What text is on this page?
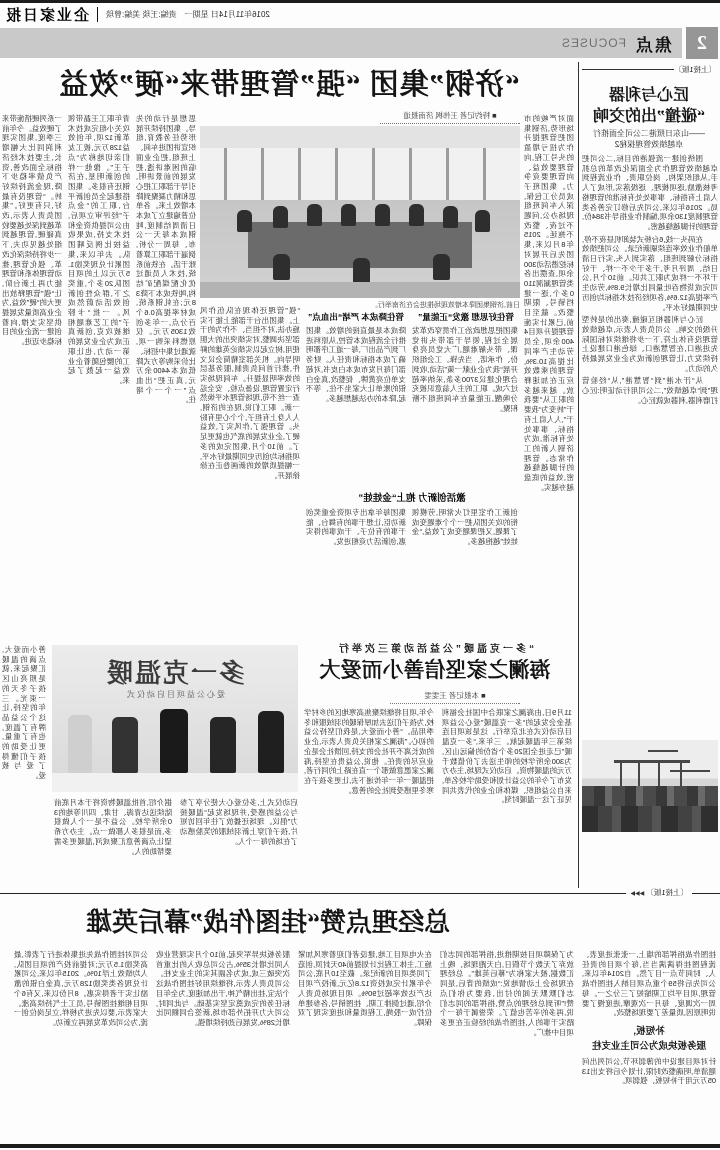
2016年11月14日 星期一
责编:王琰 美编:曾琰
企业家日报
焦点
FOCUSES	2
〔上接1版〕
匠心与利器
“碰撞”出的交响
——山东日照港二公司全面推行
卓越绩效管理探秘2

围绕创建一流强港的目标,二公司把卓越绩效管理作为全面深化改革的总抓手,从组织架构、岗位职责、作业流程到考核激励,逐项梳理、逐级落实,形成了人人肩上有指标、事事处处有标准的管理格局。2016年以来,公司先后修订完善各类管理制度130余项,编制作业指导书384份,管理的针脚越缝越密。

在码头一线,6台桥式装卸机昼夜不停,单船作业效率连续刷新纪录。公司把绩效指标分解到班组、落实到人头,实行日清日结、周评月考,干多干少不一样、干好干坏不一样成为职工共识。前10个月,公司完成货物吞吐量同比增长9.8%,劳动生产率提高12.6%,各项经济技术指标均创历史同期最好水平。

匠心与利器相互碰撞,奏出的是转型升级的交响。公司负责人表示,卓越绩效管理没有休止符,下一步将继续对标国际先进港口,在智慧港口、绿色港口建设上持续发力,让管理创新成为企业发展最持久的动力。

从“汗水港”到“智慧港”,从“经验管理”到“卓越绩效”,二公司用行动证明:匠心打磨利器,利器成就匠心。

“济钢”集团 “强”管理带来“硬”效益
■ 特约记者 王伟枫 济南报道
日前,济钢集团降本增效现场推进会在济南举行。
面对严峻的市场形势,济钢集团把管理提升作为扭亏增盈的头号工程,向管理要效益、向管理要竞争力。集团班子成员分工包保,深入车间班组现场办公,问题不过夜、整改不拖延。2015年8月以来,集团先后开展对标挖潜活动300余项,查摆出各类管理漏洞1100多个,逐一建档销号、限期整改。截至目前,已累计实施管理提升项目4400余项,全员劳动生产率同比提高10.3%,管理的乘数效应正在加速释放。越来越多的职工从“要我干”转变为“我要干”,人人肩上有指标、事事处处有标准,成为济钢人新的工作常态。管理的针脚越缝越密,效益的底盘越夯越实。
思想是行动的先导。集团持续开展形势任务教育,组织宣讲团进车间、上班组,把企业面临的困难讲透,把发展的前景讲明,引导干部职工把心思和精力凝聚到降本增效上来。各单位普遍建立了成本日清周结制度,吨钢成本每天一公布、每周一分析,倒逼干部职工算着账干活。在铁前系统,技术人员通过优化配煤配矿结构,吨铁成本下降38元;在轧钢系统,成材率提高0.6个百分点,一年多创效1305万元。仅原燃料采购一项,就通过集中招标、比价采购等方式降低成本4400余万元,真正把“出血点”一个一个堵住。
青年职工王磊带领攻关小组完成技术革新12项,年创效益128万元,被工友们亲切地称为“点子王”。像他一样的创新明星,在济钢还有很多。集团搭建起全员创新平台,职工的“金点子”经评审立项后,由公司提供资金和技术支持,成果收益按比例反哺团队。去年以来,集团累计兑现奖励1.5万元以上的项目团队20多个,重奖之下,群众性创新创效活动蔚然成风。一批“卡脖子”的工艺难题相继被攻克,创新真正成为企业发展的第一动力,也让职工的腰包随着企业效益一起鼓了起来。
一系列硬措施带来了硬效益。今年前三季度,集团实现利润同比大幅增长,主要技术经济指标全面改善,资产负债率稳步下降,现金流持续好转。“管理没有最好,只有更好。”集团负责人表示,改革越到深处越要较真碰硬,管理越到细处越见功夫,下一步将持续深化改革、强化管理,推动管理体系和管理能力再上新台阶,让“强”管理释放出更大的“硬”效益,为企业高质量发展提供坚实支撑,向着创建一流企业的目标稳步迈进。
管住好思想 激发“正能量”
管住降成本 严堵“出血点”
集团把思想政治工作贯穿改革发展全过程,领导干部带头讲党课、带头解难题,广大党员亮身份、作承诺、当先锋。工会组织开展“我为企业献一策”活动,收到合理化建议3700多条,采纳率超过六成。职工的主人翁意识被充分唤醒,正能量在车间班组不断积聚。
降成本是最直接的增效。集团推行全流程成本管控,从原料进厂到产品出厂,每一道工序都明确了成本指标和责任人。财务部门每月发布成本白皮书,对超支单位亮黄牌、促整改,真金白银的账单让大家坐不住、等不起,降本的办法越想越多。
激活创新力 抱上“金娃娃”
创新工作室里灯火常明,劳模领衔的攻关团队把一个个难题变成了课题,又把课题变成了效益,“金娃娃”越抱越多。
集团每年拿出专项资金重奖创新功臣,让想干事的有舞台、能干事的有位子、干成事的得实惠,创新活力竞相迸发。
“强”管理还体现在队伍作风上。集团出台干部能上能下实施办法,对不担当、不作为的干部坚决调整,对实绩突出的大胆使用,树立起以实绩论英雄的鲜明导向。机关部室精简会议文件,推行首问负责制,服务基层的效率明显提升。车间现场实行定置管理,设备点检、安全巡查一丝不苟,现场管理水平焕然一新。职工们说,现在的济钢,人人身上有担子,个个心里有盼头。管理强了,作风实了,效益硬了,企业发展的底气也就更足了。前10个月,集团完成的多项指标均创历史同期最好水平,一幅提质增效的新画卷正在徐徐展开。
“多一克温暖”公益活动第三次举行
海澜之家坚信善小而爱大
■ 本报记者 王雯雯
11月9日,由海澜之家联合中国社会福利基金会发起的“多一克温暖”爱心公益项目启动仪式在北京举行。这是该项目连续第三年温暖起航。三年来,“多一克温暖”已走进全国20多个省份的偏远山区,为300余所学校的师生送去了价值数千万元的温暖物资。启动仪式现场,主办方发布了今年的公益计划和受助学校名单,来自公益组织、媒体和企业的代表共同见证了这一温暖时刻。
今年,项目将继续聚焦高寒地区的乡村学校,为孩子们送去加厚保暖的羽绒服和冬季用品。“善小而爱大,是我们坚持公益的初心。”海澜之家相关负责人表示,企业的成长离不开社会的支持,回馈社会是企业应尽的责任。他说,公益贵在坚持,海澜之家愿意做那个一直在路上的同行者,把温暖一年一年传递下去,让更多孩子在寒冬里感受到社会的善意。
多一克温暖
爱心公益项目启动仪式
启动仪式上,多位爱心大使分享了参与公益的感受,并现场发起“温暖接力”倡议。现场还播放了往年回访短片,孩子们穿上新羽绒服的笑脸感动了在场的每一个人。
据介绍,首批温暖物资将于本月底前陆续送达青海、甘肃、四川等地的30余所学校。公益不是一个人做很多,而是很多人都做一点。主办方希望让点滴善意汇聚成河,温暖更多需要帮助的人。
善小而爱大,点滴的温暖汇聚起来,就是照亮山区孩子冬天的一束光。三年的坚持,让这个公益品牌有了温度,也有了重量,更让受助的孩子们懂得了爱与被爱。
〔上接1版〕 ▶▶▶
总经理点赞“挂图作战”幕后英雄
挂图作战指挥部的墙上,一张张进度表、流程图挂得满满当当,每个项目的责任人、时间节点一目了然。自2014年以来,公司先后将59个重点项目纳入挂图作战管理,项目平均工期缩短了三分之一。每周一次调度、每月一次观摩,进度慢了要说明原因,质量差了要现场整改。
补短板,
服务板块成为公司主业支柱
针对项目建设中的薄弱环节,公司列出问题清单,明确整改时限,计划今后将支出1305万元用于补短板、强弱项。
为了保障项目按期推进,指挥部的同志们放弃了无数个节假日,白天跑现场、晚上汇数据,被大家称为“幕后英雄”。总经理在现场会上动情地说:“成绩的背后,是同志们默默无闻的付出,我要为你们点赞!”听到总经理的点赞,指挥部的同志们说,再多的辛苦也值了。荣誉属于每一个踏实干事的人,挂图作战的经验正在更多项目中推广。
在火电项目工地,建设者们迎着寒风加紧施工,主体工程比计划提前40天封顶,创造了同类项目的新纪录。截至10月底,公司今年累计完成投资12.8亿元,新投产项目达产达效率超过90%。项目现场负责人介绍,通过倒排工期、挂图销号,各参建单位拧成一股绳,工程质量和进度实现了双保障。
服务板块异军突起,前10个月实现营业收入同比增长35%,占公司总收入的比重首次突破三成,成为名副其实的主业支柱。公司负责人表示,将继续用好挂图作战这个法宝,挂出精气神,干出加速度,为全年目标任务的完成奠定坚实基础。与此同时,公司大力开拓外部市场,新签合同额同比增长28%,发展后劲持续增强。
公司对挂图作战先进集体进行了表彰,最高奖励1.5万元;对提前投产的项目团队,人均绩效上浮10%。2015年以来,公司累计兑现各类奖励128万元,真金白银的激励让实干者得实惠。8月份以来,又有6个项目相继挂图销号,员工士气持续高涨。大家表示,要以先进为榜样,立足岗位创一流,为公司改革发展再立新功。
